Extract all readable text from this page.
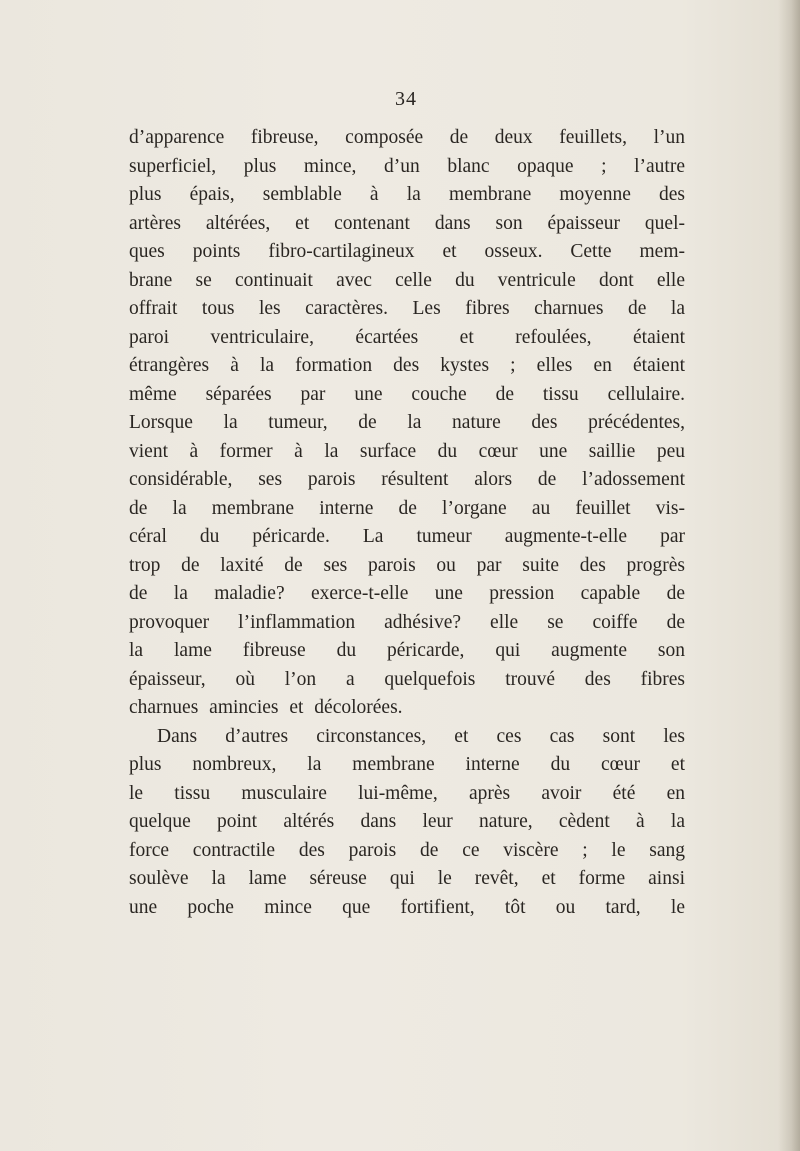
34
d’apparence fibreuse, composée de deux feuillets, l’un
superficiel, plus mince, d’un blanc opaque ; l’autre
plus épais, semblable à la membrane moyenne des
artères altérées, et contenant dans son épaisseur quel-
ques points fibro-cartilagineux et osseux. Cette mem-
brane se continuait avec celle du ventricule dont elle
offrait tous les caractères. Les fibres charnues de la
paroi ventriculaire, écartées et refoulées, étaient
étrangères à la formation des kystes ; elles en étaient
même séparées par une couche de tissu cellulaire.
Lorsque la tumeur, de la nature des précédentes,
vient à former à la surface du cœur une saillie peu
considérable, ses parois résultent alors de l’adossement
de la membrane interne de l’organe au feuillet vis-
céral du péricarde. La tumeur augmente-t-elle par
trop de laxité de ses parois ou par suite des progrès
de la maladie? exerce-t-elle une pression capable de
provoquer l’inflammation adhésive? elle se coiffe de
la lame fibreuse du péricarde, qui augmente son
épaisseur, où l’on a quelquefois trouvé des fibres
charnues amincies et décolorées.
Dans d’autres circonstances, et ces cas sont les
plus nombreux, la membrane interne du cœur et
le tissu musculaire lui-même, après avoir été en
quelque point altérés dans leur nature, cèdent à la
force contractile des parois de ce viscère ; le sang
soulève la lame séreuse qui le revêt, et forme ainsi
une poche mince que fortifient, tôt ou tard, le
